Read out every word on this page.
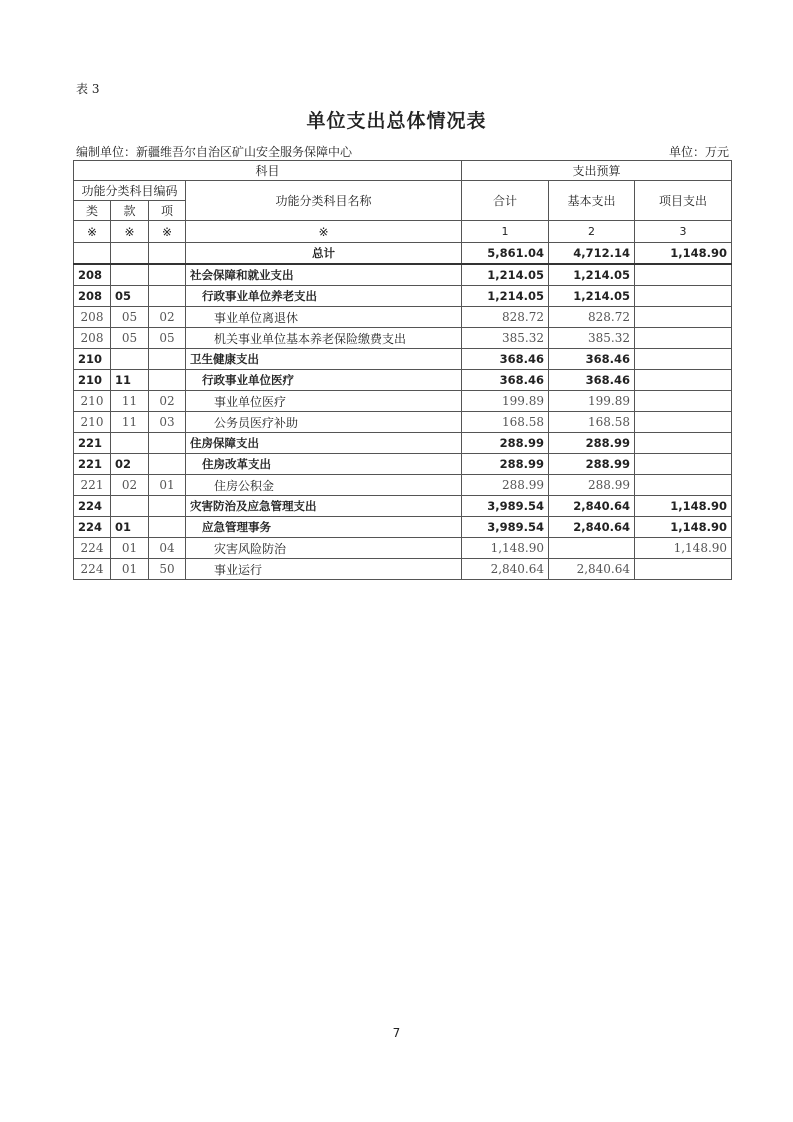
表 3
单位支出总体情况表
编制单位：新疆维吾尔自治区矿山安全服务保障中心	单位：万元
科目				支出预算		
功能分类科目编码			功能分类科目名称	合计	基本支出	项目支出
类	款	项				
※	※	※	※	1	2	3
			总计	5,861.04	4,712.14	1,148.90
208			社会保障和就业支出	1,214.05	1,214.05	
208	05		行政事业单位养老支出	1,214.05	1,214.05	
208	05	02	事业单位离退休	828.72	828.72	
208	05	05	机关事业单位基本养老保险缴费支出	385.32	385.32	
210			卫生健康支出	368.46	368.46	
210	11		行政事业单位医疗	368.46	368.46	
210	11	02	事业单位医疗	199.89	199.89	
210	11	03	公务员医疗补助	168.58	168.58	
221			住房保障支出	288.99	288.99	
221	02		住房改革支出	288.99	288.99	
221	02	01	住房公积金	288.99	288.99	
224			灾害防治及应急管理支出	3,989.54	2,840.64	1,148.90
224	01		应急管理事务	3,989.54	2,840.64	1,148.90
224	01	04	灾害风险防治	1,148.90		1,148.90
224	01	50	事业运行	2,840.64	2,840.64	
7
